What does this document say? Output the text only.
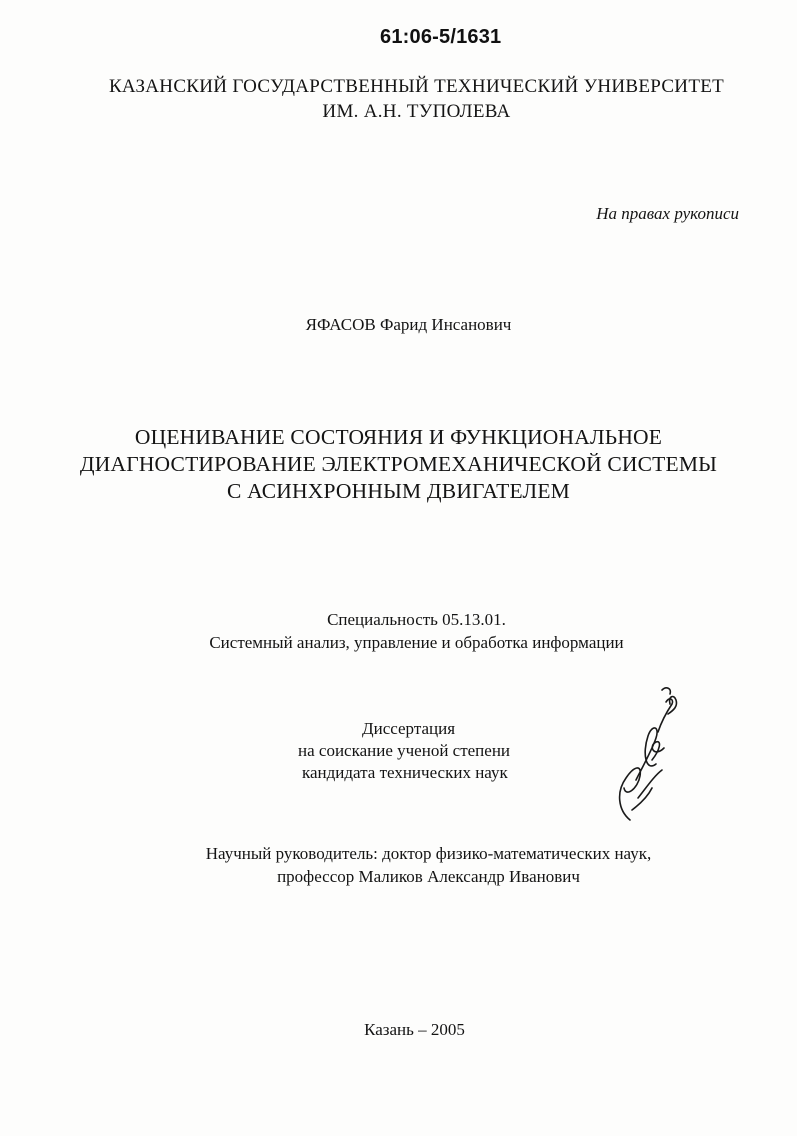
61:06-5/1631
КАЗАНСКИЙ ГОСУДАРСТВЕННЫЙ ТЕХНИЧЕСКИЙ УНИВЕРСИТЕТ
ИМ. А.Н. ТУПОЛЕВА
На правах рукописи
ЯФАСОВ Фарид Инсанович
ОЦЕНИВАНИЕ СОСТОЯНИЯ И ФУНКЦИОНАЛЬНОЕ
ДИАГНОСТИРОВАНИЕ ЭЛЕКТРОМЕХАНИЧЕСКОЙ СИСТЕМЫ
С АСИНХРОННЫМ ДВИГАТЕЛЕМ
Специальность 05.13.01.
Системный анализ, управление и обработка информации
Диссертация
на соискание ученой степени
кандидата технических наук
Научный руководитель: доктор физико-математических наук,
профессор Маликов Александр Иванович
Казань – 2005
